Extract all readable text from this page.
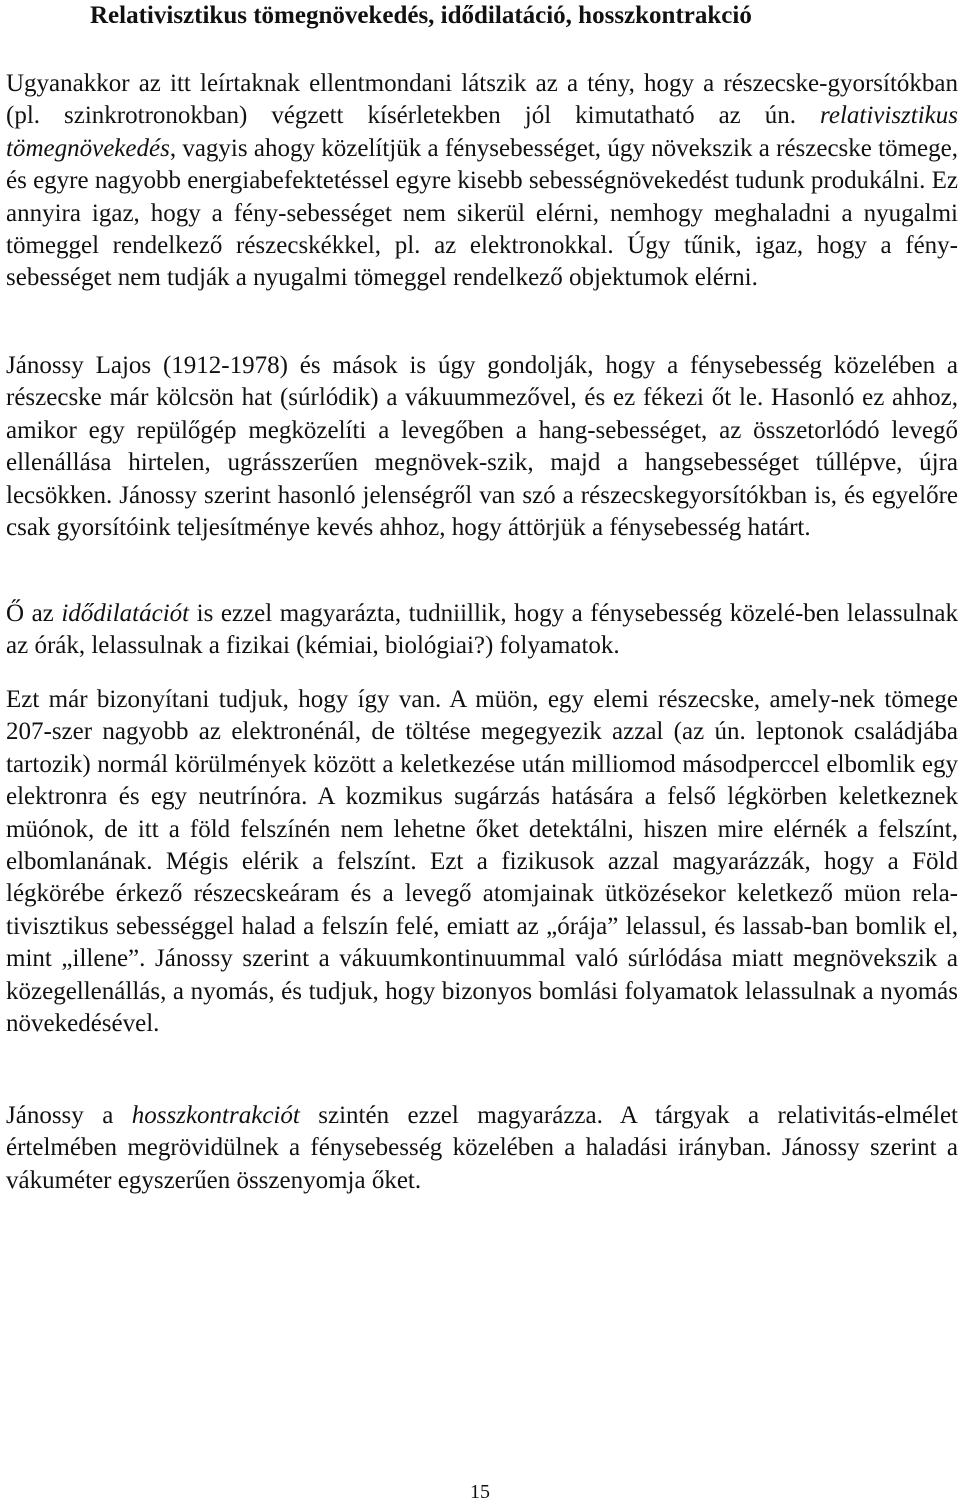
Relativisztikus tömegnövekedés, idődilatáció, hosszkontrakció

Ugyanakkor az itt leírtaknak ellentmondani látszik az a tény, hogy a részecske-gyorsítókban (pl. szinkrotronokban) végzett kísérletekben jól kimutatható az ún. relativisztikus tömegnövekedés, vagyis ahogy közelítjük a fénysebességet, úgy növekszik a részecske tömege, és egyre nagyobb energiabefektetéssel egyre kisebb sebességnövekedést tudunk produkálni. Ez annyira igaz, hogy a fény-sebességet nem sikerül elérni, nemhogy meghaladni a nyugalmi tömeggel rendelkező részecskékkel, pl. az elektronokkal. Úgy tűnik, igaz, hogy a fény-sebességet nem tudják a nyugalmi tömeggel rendelkező objektumok elérni.

Jánossy Lajos (1912-1978) és mások is úgy gondolják, hogy a fénysebesség közelében a részecske már kölcsön hat (súrlódik) a vákuummezővel, és ez fékezi őt le. Hasonló ez ahhoz, amikor egy repülőgép megközelíti a levegőben a hang-sebességet, az összetorlódó levegő ellenállása hirtelen, ugrásszerűen megnövek-szik, majd a hangsebességet túllépve, újra lecsökken. Jánossy szerint hasonló jelenségről van szó a részecskegyorsítókban is, és egyelőre csak gyorsítóink teljesítménye kevés ahhoz, hogy áttörjük a fénysebesség határt.

Ő az idődilatációt is ezzel magyarázta, tudniillik, hogy a fénysebesség közelé-ben lelassulnak az órák, lelassulnak a fizikai (kémiai, biológiai?) folyamatok.

Ezt már bizonyítani tudjuk, hogy így van. A müön, egy elemi részecske, amely-nek tömege 207-szer nagyobb az elektronénál, de töltése megegyezik azzal (az ún. leptonok családjába tartozik) normál körülmények között a keletkezése után milliomod másodperccel elbomlik egy elektronra és egy neutrínóra. A kozmikus sugárzás hatására a felső légkörben keletkeznek müónok, de itt a föld felszínén nem lehetne őket detektálni, hiszen mire elérnék a felszínt, elbomlanának. Mégis elérik a felszínt. Ezt a fizikusok azzal magyarázzák, hogy a Föld légkörébe érkező részecskeáram és a levegő atomjainak ütközésekor keletkező müon rela-tivisztikus sebességgel halad a felszín felé, emiatt az „órája” lelassul, és lassab-ban bomlik el, mint „illene”. Jánossy szerint a vákuumkontinuummal való súrlódása miatt megnövekszik a közegellenállás, a nyomás, és tudjuk, hogy bizonyos bomlási folyamatok lelassulnak a nyomás növekedésével.

Jánossy a hosszkontrakciót szintén ezzel magyarázza. A tárgyak a relativitás-elmélet értelmében megrövidülnek a fénysebesség közelében a haladási irányban. Jánossy szerint a vákuméter egyszerűen összenyomja őket.

15
